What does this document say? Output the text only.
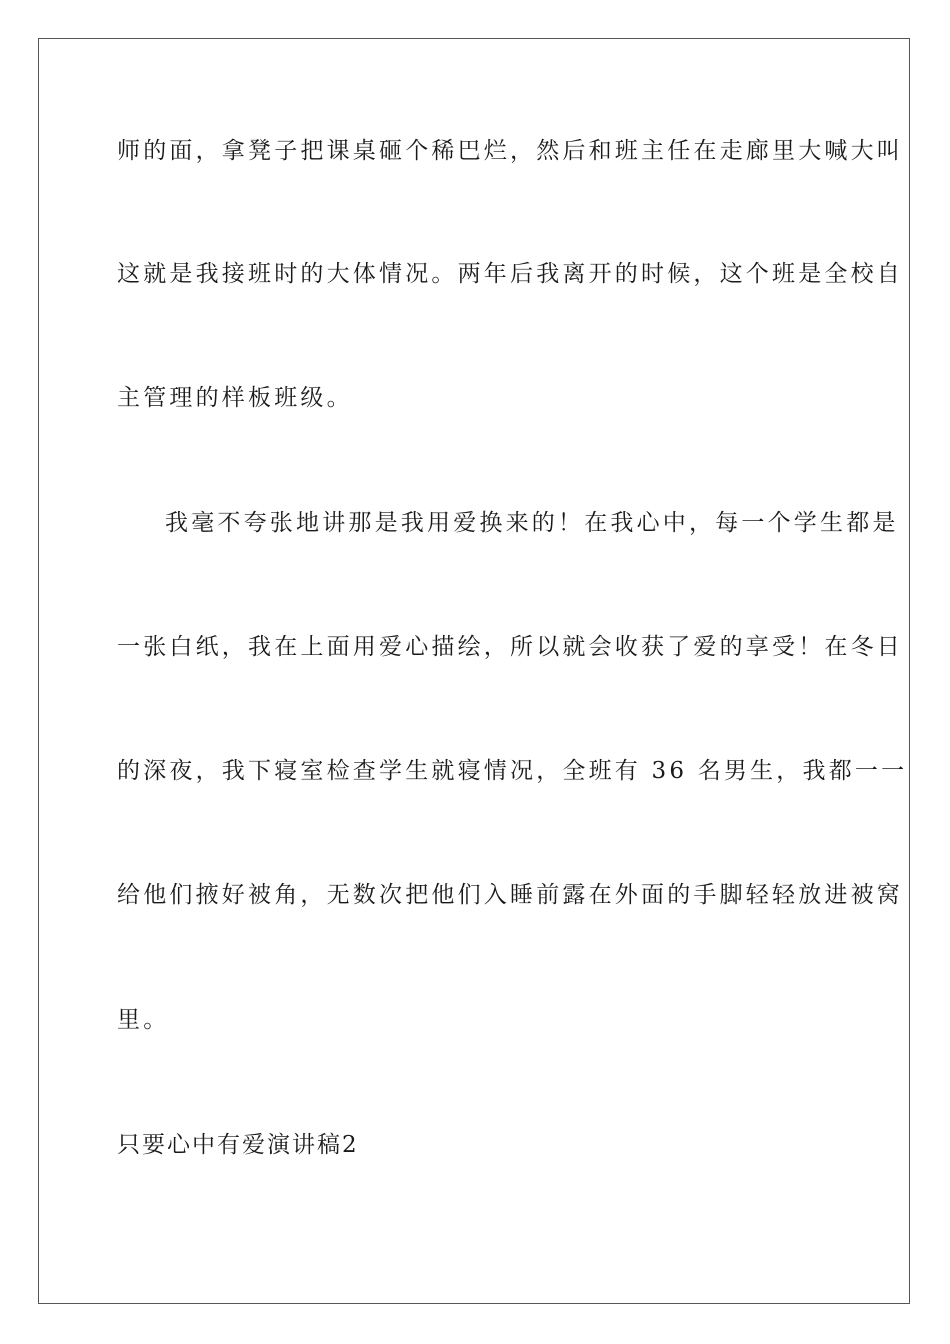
师的面，拿凳子把课桌砸个稀巴烂，然后和班主任在走廊里大喊大叫
这就是我接班时的大体情况。两年后我离开的时候，这个班是全校自
主管理的样板班级。
我毫不夸张地讲那是我用爱换来的！在我心中，每一个学生都是
一张白纸，我在上面用爱心描绘，所以就会收获了爱的享受！在冬日
的深夜，我下寝室检查学生就寝情况，全班有 36 名男生，我都一一
给他们掖好被角，无数次把他们入睡前露在外面的手脚轻轻放进被窝
里。
只要心中有爱演讲稿2
